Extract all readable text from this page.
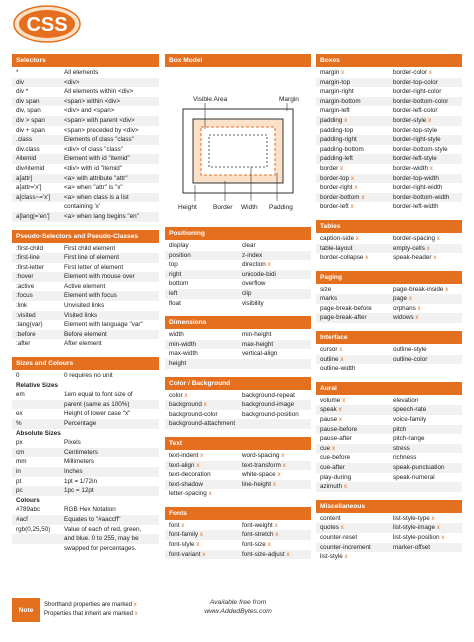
CSS
Selectors
*	All elements
div	<div>
div *	All elements within <div>
div span	<span> within <div>
div, span	<div> and <span>
div > span	<span> with parent <div>
div + span	<span> preceded by <div>
.class	Elements of class "class"
div.class	<div> of class "class"
#itemid	Element with id "itemid"
div#itemid	<div> with id "itemid"
a[attr]	<a> with attribute "attr"
a[attr='x']	<a> when "attr" is "x"
a[class~='x']	<a> when class is a list
containing 'x'
a[lang|='en']	<a> when lang begins "en"
Pseudo-Selectors and Pseudo-Classes
:first-child	First child element
:first-line	First line of element
:first-letter	First letter of element
:hover	Element with mouse over
:active	Active element
:focus	Element with focus
:link	Unvisited links
:visited	Visited links
:lang(var)	Element with language "var"
:before	Before element
:after	After element
Sizes and Colours
0	0 requires no unit
Relative Sizes
em	1em equal to font size of
parent (same as 100%)
ex	Height of lower case "x"
%	Percentage
Absolute Sizes
px	Pixels
cm	Centimeters
mm	Millimeters
in	Inches
pt	1pt = 1/72in
pc	1pc = 12pt
Colours
#789abc	RGB Hex Notation
#acf	Equates to "#aaccff"
rgb(0,25,50)	Value of each of red, green,
and blue. 0 to 255, may be
swapped for percentages.
Box Model
Visible Area	Margin
Height Border Width Padding
Positioning
display	clear
position	z-index
top	direction x
right	unicode-bidi
bottom	overflow
left	clip
float	visibility
Dimensions
width	min-height
min-width	max-height
max-width	vertical-align
height
Color / Background
color x	background-repeat
background x	background-image
background-color	background-position
background-attachment
Text
text-indent x	word-spacing x
text-align x	text-transform x
text-decoration	white-space x
text-shadow	line-height x
letter-spacing x
Fonts
font x	font-weight x
font-family x	font-stretch x
font-style x	font-size x
font-variant x	font-size-adjust x
Boxes
margin x	border-color x
margin-top	border-top-color
margin-right	border-right-color
margin-bottom	border-bottom-color
margin-left	border-left-color
padding x	border-style x
padding-top	border-top-style
padding-right	border-right-style
padding-bottom	border-bottom-style
padding-left	border-left-style
border x	border-width x
border-top x	border-top-width
border-right x	border-right-width
border-bottom x	border-bottom-width
border-left x	border-left-width
Tables
caption-side x	border-spacing x
table-layout	empty-cells x
border-collapse x	speak-header x
Paging
size	page-break-inside x
marks	page x
page-break-before	orphans x
page-break-after	widows x
Interface
cursor x	outline-style
outline x	outline-color
outline-width
Aural
volume x	elevation
speak x	speech-rate
pause x	voice-family
pause-before	pitch
pause-after	pitch-range
cue x	stress
cue-before	richness
cue-after	speak-punctuation
play-during	speak-numeral
azimuth x
Miscellaneous
content	list-style-type x
quotes x	list-style-image x
counter-reset	list-style-position x
counter-increment	marker-offset
list-style x
Note
Shorthand properties are marked x
Properties that inherit are marked x
Available free from
www.AddedBytes.com
